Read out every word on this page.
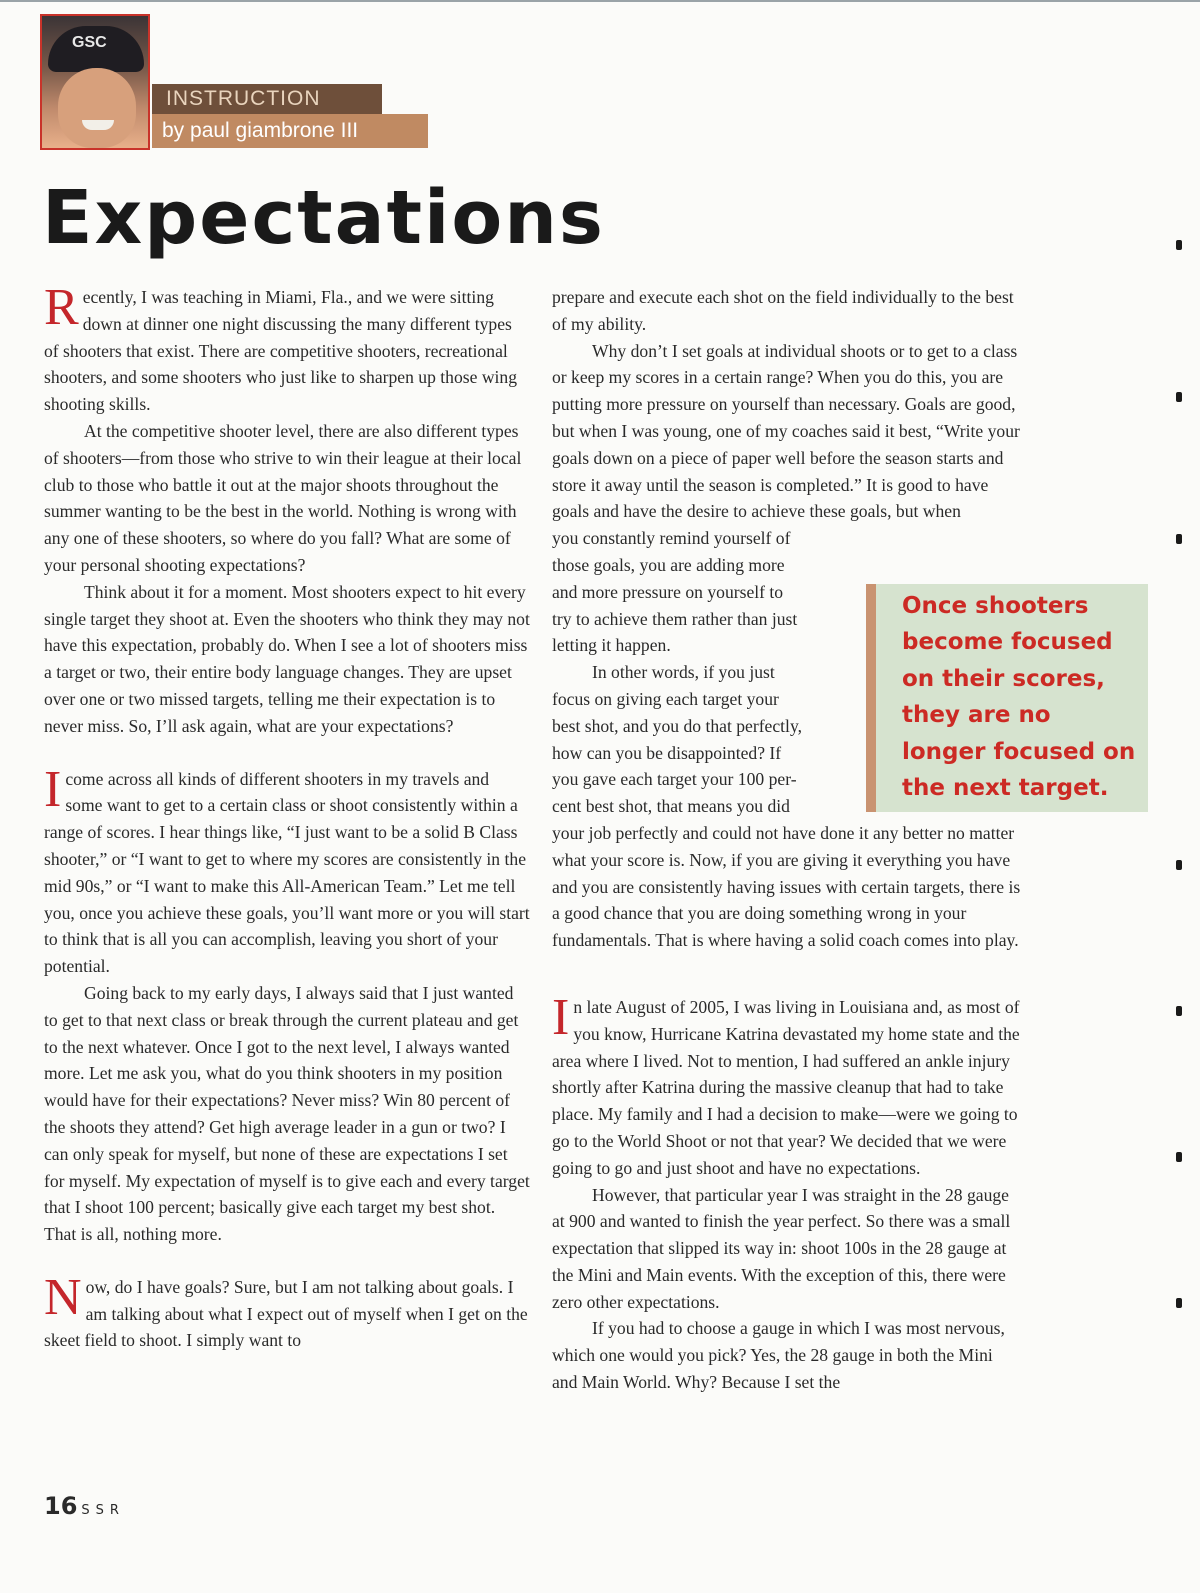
GSC
INSTRUCTION
by paul giambrone III
Expectations

Recently, I was teaching in Miami, Fla., and we were sitting down at dinner one night discussing the many different types of shooters that exist. There are competitive shooters, recreational shooters, and some shooters who just like to sharpen up those wing shooting skills.

At the competitive shooter level, there are also different types of shooters—from those who strive to win their league at their local club to those who battle it out at the major shoots throughout the summer wanting to be the best in the world. Nothing is wrong with any one of these shooters, so where do you fall? What are some of your personal shooting expectations?

Think about it for a moment. Most shooters expect to hit every single target they shoot at. Even the shooters who think they may not have this expectation, probably do. When I see a lot of shooters miss a target or two, their entire body language changes. They are upset over one or two missed targets, telling me their expectation is to never miss. So, I’ll ask again, what are your expectations?

I come across all kinds of different shooters in my travels and some want to get to a certain class or shoot consistently within a range of scores. I hear things like, “I just want to be a solid B Class shooter,” or “I want to get to where my scores are consistently in the mid 90s,” or “I want to make this All-American Team.” Let me tell you, once you achieve these goals, you’ll want more or you will start to think that is all you can accomplish, leaving you short of your potential.

Going back to my early days, I always said that I just wanted to get to that next class or break through the current plateau and get to the next whatever. Once I got to the next level, I always wanted more. Let me ask you, what do you think shooters in my position would have for their expectations? Never miss? Win 80 percent of the shoots they attend? Get high average leader in a gun or two? I can only speak for myself, but none of these are expectations I set for myself. My expectation of myself is to give each and every target that I shoot 100 percent; basically give each target my best shot. That is all, nothing more.

Now, do I have goals? Sure, but I am not talking about goals. I am talking about what I expect out of myself when I get on the skeet field to shoot. I simply want to

prepare and execute each shot on the field individually to the best of my ability.

Why don’t I set goals at individual shoots or to get to a class or keep my scores in a certain range? When you do this, you are putting more pressure on yourself than necessary. Goals are good, but when I was young, one of my coaches said it best, “Write your goals down on a piece of paper well before the season starts and store it away until the season is completed.” It is good to have goals and have the desire to achieve these goals, but when

you constantly remind yourself of
those goals, you are adding more
and more pressure on yourself to
try to achieve them rather than just
letting it happen.
In other words, if you just
focus on giving each target your
best shot, and you do that perfectly,
how can you be disappointed? If
you gave each target your 100 per-
cent best shot, that means you did

your job perfectly and could not have done it any better no matter what your score is. Now, if you are giving it everything you have and you are consistently having issues with certain targets, there is a good chance that you are doing something wrong in your fundamentals. That is where having a solid coach comes into play.

In late August of 2005, I was living in Louisiana and, as most of you know, Hurricane Katrina devastated my home state and the area where I lived. Not to mention, I had suffered an ankle injury shortly after Katrina during the massive cleanup that had to take place. My family and I had a decision to make—were we going to go to the World Shoot or not that year? We decided that we were going to go and just shoot and have no expectations.

However, that particular year I was straight in the 28 gauge at 900 and wanted to finish the year perfect. So there was a small expectation that slipped its way in: shoot 100s in the 28 gauge at the Mini and Main events. With the exception of this, there were zero other expectations.

If you had to choose a gauge in which I was most nervous, which one would you pick? Yes, the 28 gauge in both the Mini and Main World. Why? Because I set the

Once shooters become focused on their scores, they are no longer focused on the next target.
16 SSR
